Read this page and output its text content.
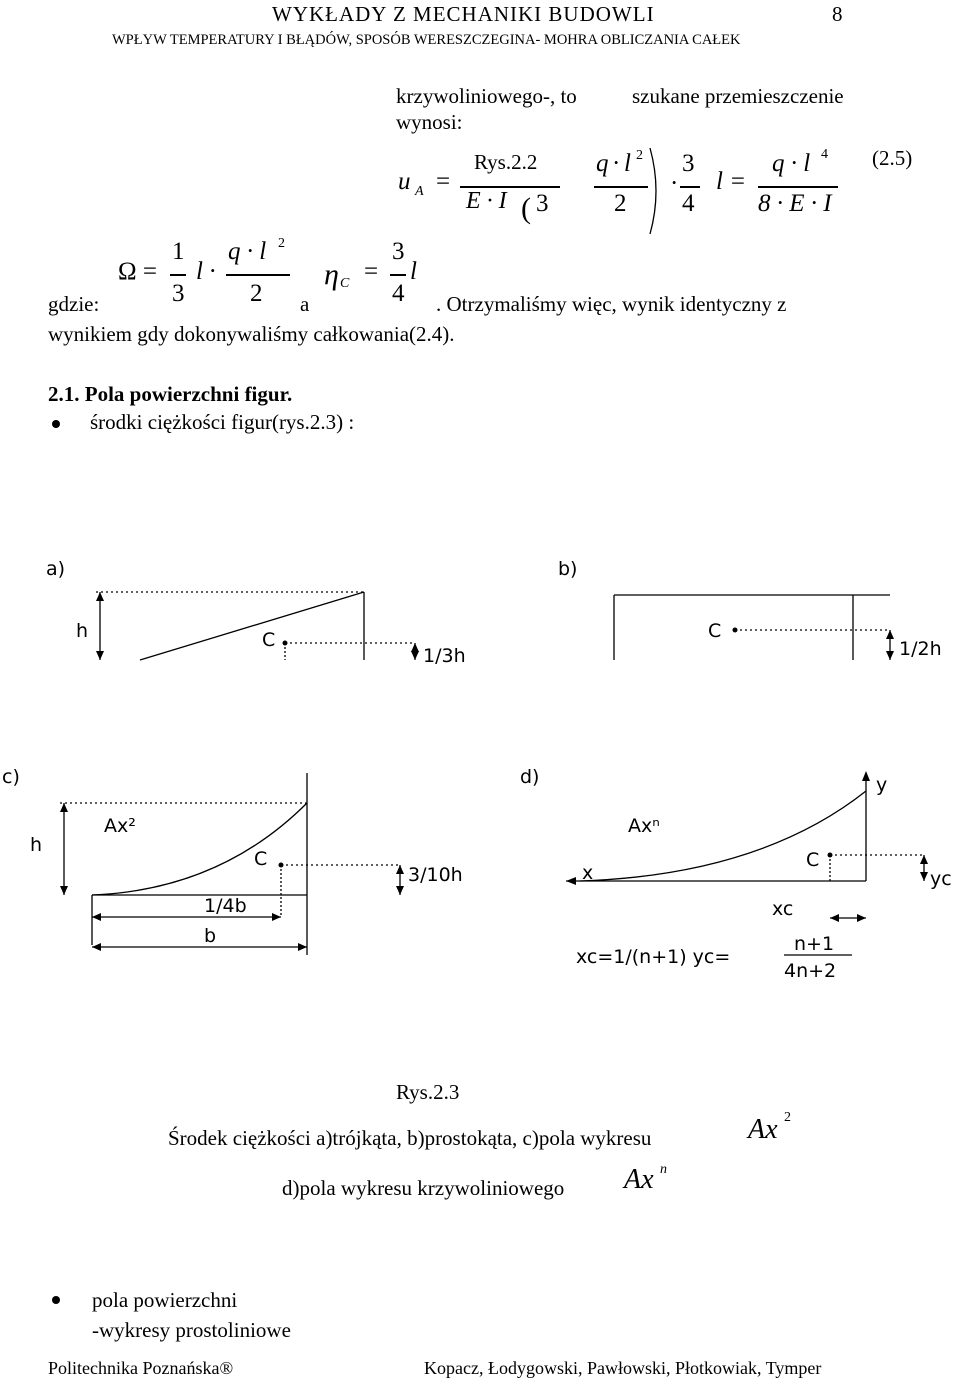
WYKŁADY Z MECHANIKI BUDOWLI	8
WPŁYW TEMPERATURY I BŁĄDÓW, SPOSÓB WERESZCZEGINA- MOHRA OBLICZANIA CAŁEK
krzywoliniowego-, to	szukane przemieszczenie
wynosi:
Rys.2.2	(2.5)
u A =
E · I ( 3
q · l 2
2
·
3
4
l =
q · l 4
8 · E · I
Ω =
1
3
l ·
q · l 2
2
η C =
3
4
l
gdzie:	a	. Otrzymaliśmy więc, wynik identyczny z
wynikiem gdy dokonywaliśmy całkowania(2.4).
2.1. Pola powierzchni figur.
środki ciężkości figur(rys.2.3) :
a)	b)
c)	d)
h	C
1/3h
C
1/2h
h
Ax²
C
3/10h
1/4b
b
Axⁿ
y
x
C
yc
xc
xc=1/(n+1) yc=
n+1
4n+2
Rys.2.3
Środek ciężkości a)trójkąta, b)prostokąta, c)pola wykresu	Ax 2
d)pola wykresu krzywoliniowego Ax n
pola powierzchni
-wykresy prostoliniowe
Politechnika Poznańska®	Kopacz, Łodygowski, Pawłowski, Płotkowiak, Tymper
